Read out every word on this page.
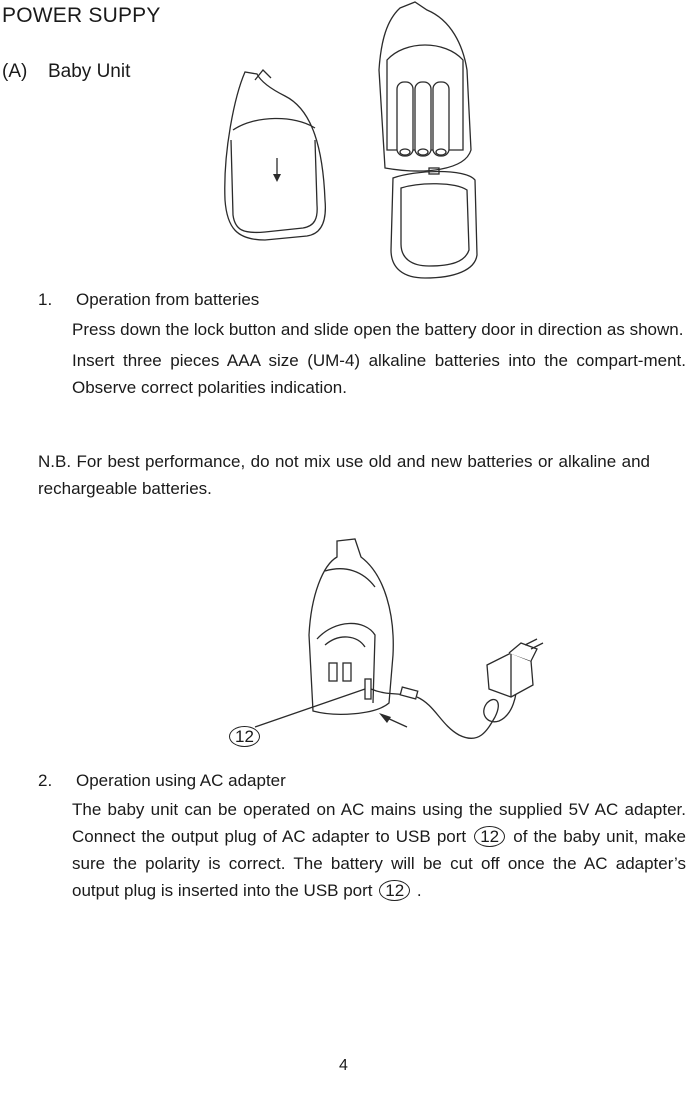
POWER SUPPY
(A) Baby Unit
1. Operation from batteries
Press down the lock button and slide open the battery door in direction as shown.
Insert three pieces AAA size (UM-4) alkaline batteries into the compart-ment. Observe correct polarities indication.
N.B. For best performance, do not mix use old and new batteries or alkaline and rechargeable batteries.
12
2. Operation using AC adapter
The baby unit can be operated on AC mains using the supplied 5V AC adapter. Connect the output plug of AC adapter to USB port 12 of the baby unit, make sure the polarity is correct. The battery will be cut off once the AC adapter’s output plug is inserted into the USB port 12 .
4
